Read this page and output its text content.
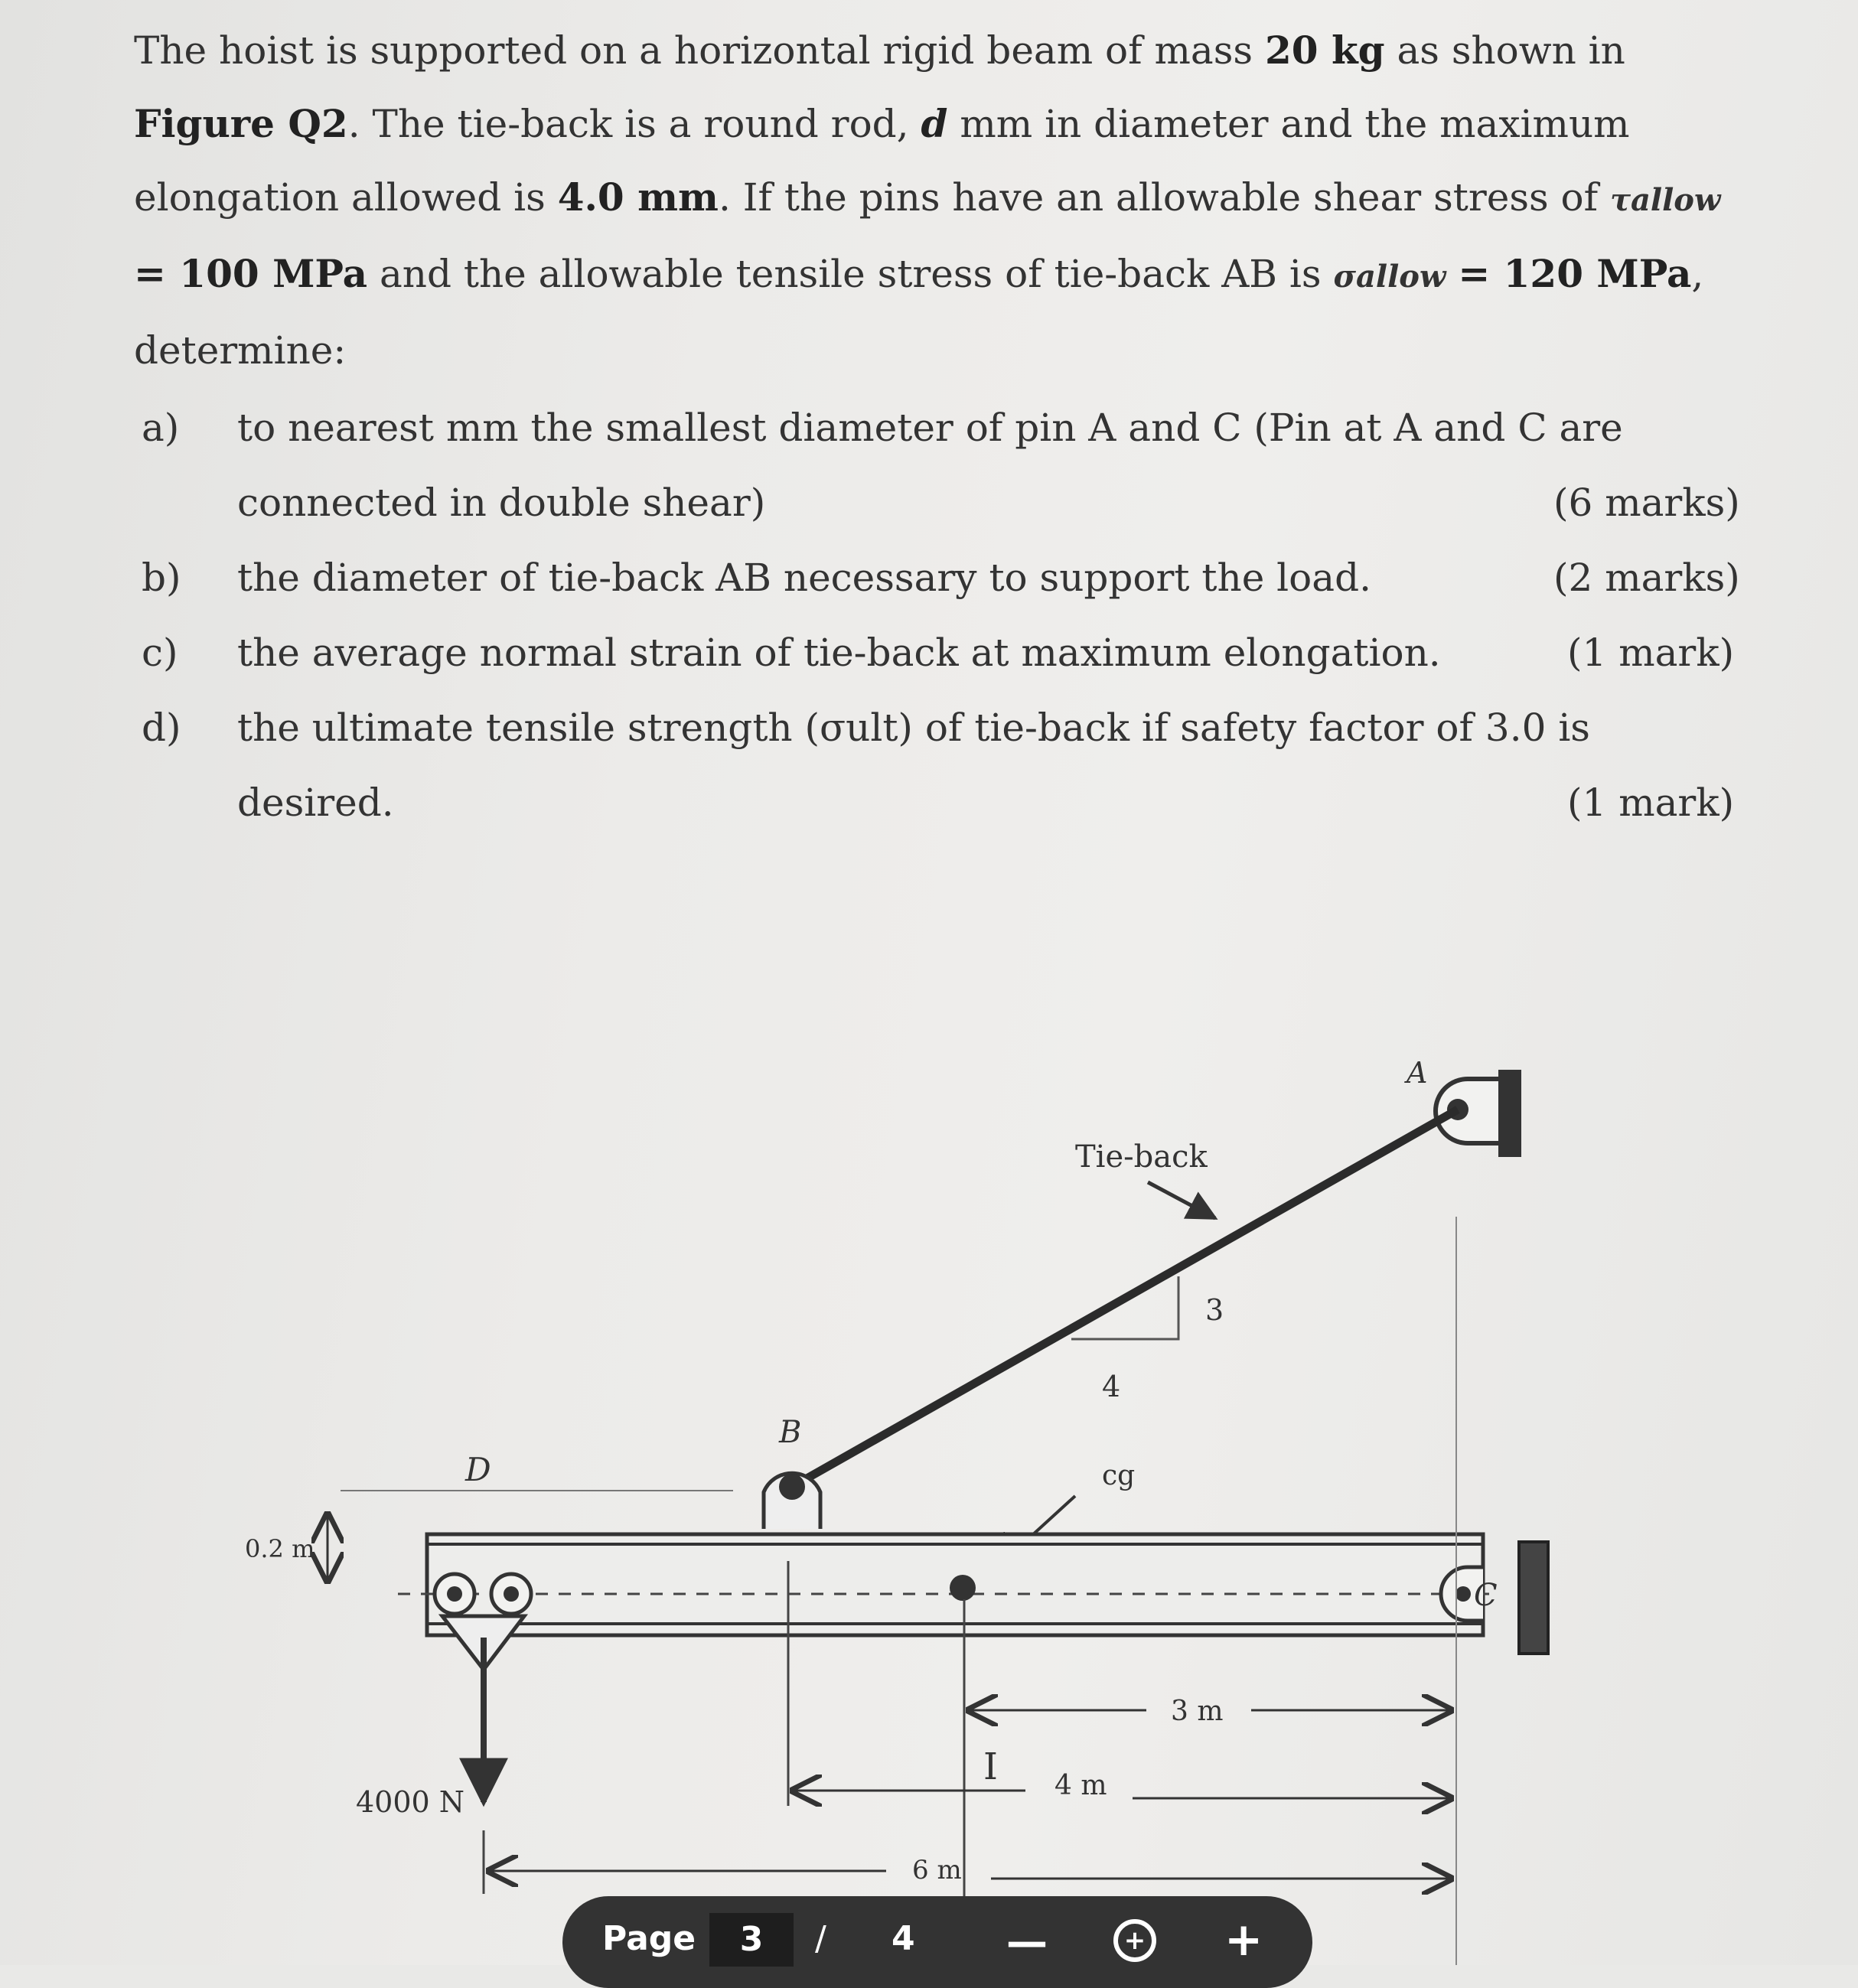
The hoist is supported on a horizontal rigid beam of mass 20 kg as shown in Figure Q2. The tie-back is a round rod, d mm in diameter and the maximum elongation allowed is 4.0 mm. If the pins have an allowable shear stress of τallow = 100 MPa and the allowable tensile stress of tie-back AB is σallow = 120 MPa, determine:
a) to nearest mm the smallest diameter of pin A and C (Pin at A and C are
connected in double shear)	(6 marks)
b) the diameter of tie-back AB necessary to support the load.	(2 marks)
c) the average normal strain of tie-back at maximum elongation.	(1 mark)
d) the ultimate tensile strength (σult) of tie-back if safety factor of 3.0 is
desired.	(1 mark)
A
Tie-back
3
4
B
D
0.2 m
cg
4000 N
C
3 m
4 m
6 m
I
Page	3	/ 4 —	+ +
